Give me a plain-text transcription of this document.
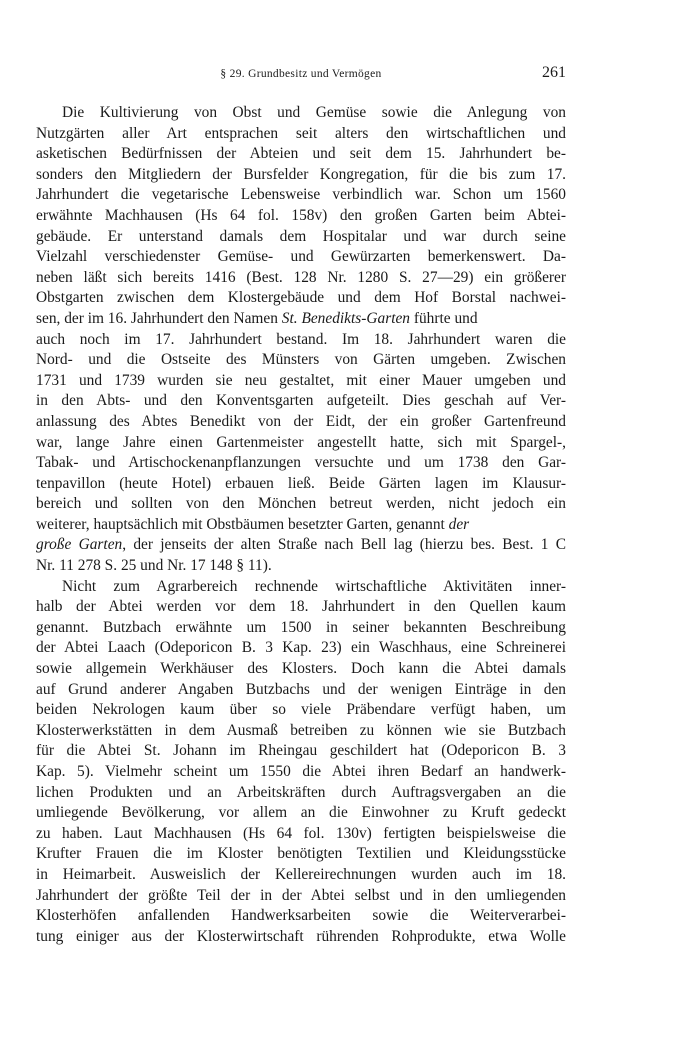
§ 29. Grundbesitz und Vermögen	261
Die Kultivierung von Obst und Gemüse sowie die Anlegung von
Nutzgärten aller Art entsprachen seit alters den wirtschaftlichen und
asketischen Bedürfnissen der Abteien und seit dem 15. Jahrhundert be-
sonders den Mitgliedern der Bursfelder Kongregation, für die bis zum 17.
Jahrhundert die vegetarische Lebensweise verbindlich war. Schon um 1560
erwähnte Machhausen (Hs 64 fol. 158v) den großen Garten beim Abtei-
gebäude. Er unterstand damals dem Hospitalar und war durch seine
Vielzahl verschiedenster Gemüse- und Gewürzarten bemerkenswert. Da-
neben läßt sich bereits 1416 (Best. 128 Nr. 1280 S. 27—29) ein größerer
Obstgarten zwischen dem Klostergebäude und dem Hof Borstal nachwei-
sen, der im 16. Jahrhundert den Namen St. Benedikts-Garten führte und
auch noch im 17. Jahrhundert bestand. Im 18. Jahrhundert waren die
Nord- und die Ostseite des Münsters von Gärten umgeben. Zwischen
1731 und 1739 wurden sie neu gestaltet, mit einer Mauer umgeben und
in den Abts- und den Konventsgarten aufgeteilt. Dies geschah auf Ver-
anlassung des Abtes Benedikt von der Eidt, der ein großer Gartenfreund
war, lange Jahre einen Gartenmeister angestellt hatte, sich mit Spargel-,
Tabak- und Artischockenanpflanzungen versuchte und um 1738 den Gar-
tenpavillon (heute Hotel) erbauen ließ. Beide Gärten lagen im Klausur-
bereich und sollten von den Mönchen betreut werden, nicht jedoch ein
weiterer, hauptsächlich mit Obstbäumen besetzter Garten, genannt der
große Garten, der jenseits der alten Straße nach Bell lag (hierzu bes. Best. 1 C
Nr. 11 278 S. 25 und Nr. 17 148 § 11).
Nicht zum Agrarbereich rechnende wirtschaftliche Aktivitäten inner-
halb der Abtei werden vor dem 18. Jahrhundert in den Quellen kaum
genannt. Butzbach erwähnte um 1500 in seiner bekannten Beschreibung
der Abtei Laach (Odeporicon B. 3 Kap. 23) ein Waschhaus, eine Schreinerei
sowie allgemein Werkhäuser des Klosters. Doch kann die Abtei damals
auf Grund anderer Angaben Butzbachs und der wenigen Einträge in den
beiden Nekrologen kaum über so viele Präbendare verfügt haben, um
Klosterwerkstätten in dem Ausmaß betreiben zu können wie sie Butzbach
für die Abtei St. Johann im Rheingau geschildert hat (Odeporicon B. 3
Kap. 5). Vielmehr scheint um 1550 die Abtei ihren Bedarf an handwerk-
lichen Produkten und an Arbeitskräften durch Auftragsvergaben an die
umliegende Bevölkerung, vor allem an die Einwohner zu Kruft gedeckt
zu haben. Laut Machhausen (Hs 64 fol. 130v) fertigten beispielsweise die
Krufter Frauen die im Kloster benötigten Textilien und Kleidungsstücke
in Heimarbeit. Ausweislich der Kellereirechnungen wurden auch im 18.
Jahrhundert der größte Teil der in der Abtei selbst und in den umliegenden
Klosterhöfen anfallenden Handwerksarbeiten sowie die Weiterverarbei-
tung einiger aus der Klosterwirtschaft rührenden Rohprodukte, etwa Wolle
